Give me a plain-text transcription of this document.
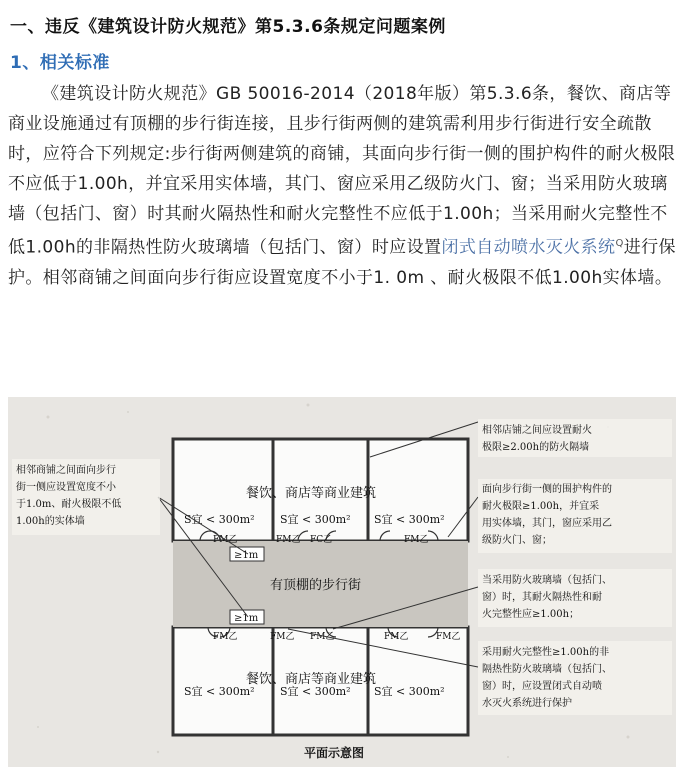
一、违反《建筑设计防火规范》第5.3.6条规定问题案例
1、相关标准
《建筑设计防火规范》GB 50016-2014（2018年版）第5.3.6条，餐饮、商店等商业设施通过有顶棚的步行街连接，且步行街两侧的建筑需利用步行街进行安全疏散时，应符合下列规定:步行街两侧建筑的商铺，其面向步行街一侧的围护构件的耐火极限不应低于1.00h，并宜采用实体墙，其门、窗应采用乙级防火门、窗；当采用防火玻璃墙（包括门、窗）时其耐火隔热性和耐火完整性不应低于1.00h；当采用耐火完整性不低1.00h的非隔热性防火玻璃墙（包括门、窗）时应设置闭式自动喷水灭火系统$^Q$进行保护。相邻商铺之间面向步行街应设置宽度不小于1. 0m 、耐火极限不低1.00h实体墙。
≥1m
≥1m
餐饮、商店等商业建筑
餐饮、商店等商业建筑
有顶棚的步行街
S宜 < 300m² S宜 < 300m² S宜 < 300m²
S宜 < 300m² S宜 < 300m² S宜 < 300m²
FM乙	FM乙 FC乙	FM乙
FM乙	FM乙 FM乙	FM乙	FM乙
相邻商铺之间面向步行
街一侧应设置宽度不小
于1.0m、耐火极限不低
1.00h的实体墙
相邻店铺之间应设置耐火
极限≥2.00h的防火隔墙
面向步行街一侧的围护构件的
耐火极限≥1.00h，并宜采
用实体墙，其门，窗应采用乙
级防火门、窗；
当采用防火玻璃墙（包括门、
窗）时，其耐火隔热性和耐
火完整性应≥1.00h；
采用耐火完整性≥1.00h的非
隔热性防火玻璃墙（包括门、
窗）时，应设置闭式自动喷
水灭火系统进行保护
平面示意图
